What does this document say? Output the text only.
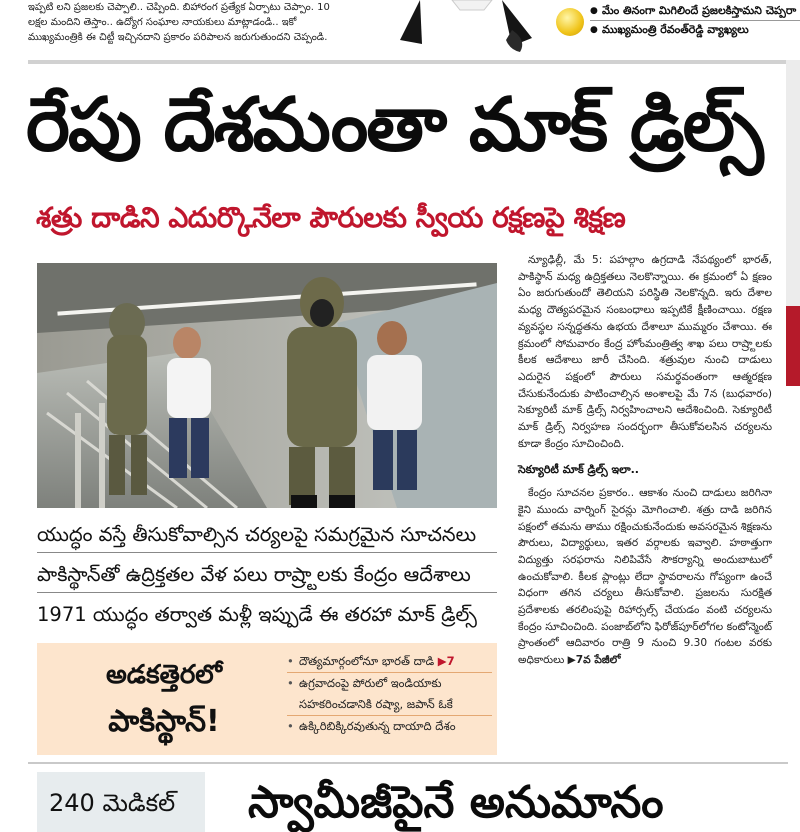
ఇప్పటి లని ప్రజలకు చెప్పాలి.. చెప్పింది. బిహారంగ ప్రత్యేక ఏర్పాటు చెప్పాం. 10
లక్షల మందిని తెస్తాం.. ఉద్యోగ సంఘాల నాయకులు మాట్లాడండి.. ఇకో
ముఖ్యమంత్రికి ఈ చిట్టీ ఇచ్చినదాని ప్రకారం పరిపాలన జరుగుతుందని చెప్పండి.
● మేం తినంగా మిగిలిందే ప్రజలకిస్తామని చెప్పరా
● ముఖ్యమంత్రి రేవంత్‌రెడ్డి వ్యాఖ్యలు
రేపు దేశమంతా మాక్ డ్రిల్స్
శత్రు దాడిని ఎదుర్కొనేలా పౌరులకు స్వీయ రక్షణపై శిక్షణ

న్యూఢిల్లీ, మే 5: పహల్గాం ఉగ్రదాడి నేపథ్యంలో భారత్, పాకిస్థాన్ మధ్య ఉద్రిక్తతలు నెలకొన్నాయి. ఈ క్రమంలో ఏ క్షణం ఏం జరుగుతుందో తెలియని పరిస్థితి నెలకొన్నది. ఇరు దేశాల మధ్య దౌత్యపరమైన సంబంధాలు ఇప్పటికే క్షీణించాయి. రక్షణ వ్యవస్థల సన్నద్ధతను ఉభయ దేశాలూ ముమ్మరం చేశాయి. ఈ క్రమంలో సోమవారం కేంద్ర హోంమంత్రిత్వ శాఖ పలు రాష్ర్టాలకు కీలక ఆదేశాలు జారీ చేసింది. శత్రువుల నుంచి దాడులు ఎదురైన పక్షంలో పౌరులు సమర్థవంతంగా ఆత్మరక్షణ చేసుకునేందుకు పాటించాల్సిన అంశాలపై మే 7న (బుధవారం) సెక్యూరిటీ మాక్ డ్రిల్స్ నిర్వహించాలని ఆదేశించింది. సెక్యూరిటీ మాక్ డ్రిల్స్ నిర్వహణ సందర్భంగా తీసుకోవలసిన చర్యలను కూడా కేంద్రం సూచించింది.

సెక్యూరిటీ మాక్ డ్రిల్స్ ఇలా..

కేంద్రం సూచనల ప్రకారం.. ఆకాశం నుంచి దాడులు జరిగినా కైని ముందు వార్నింగ్ సైరన్లు మోగించాలి. శత్రు దాడి జరిగిన పక్షంలో తమను తాము రక్షించుకునేందుకు అవసరమైన శిక్షణను పౌరులు, విద్యార్థులు, ఇతర వర్గాలకు ఇవ్వాలి. హఠాత్తుగా విద్యుత్తు సరఫరాను నిలిపివేసే సౌకర్యాన్ని అందుబాటులో ఉంచుకోవాలి. కీలక ప్లాంట్లు లేదా స్థావరాలను గోప్యంగా ఉంచే విధంగా తగిన చర్యలు తీసుకోవాలి. ప్రజలను సురక్షిత ప్రదేశాలకు తరలింపుపై రిహార్సల్స్ చేయడం వంటి చర్యలను కేంద్రం సూచించింది. పంజాబ్‌లోని ఫిరోజ్‌పూర్‌లోగల కంటోన్మెంట్ ప్రాంతంలో ఆదివారం రాత్రి 9 నుంచి 9.30 గంటల వరకు అధికారులు ▶7వ పేజీలో

యుద్ధం వస్తే తీసుకోవాల్సిన చర్యలపై సమగ్రమైన సూచనలు
పాకిస్థాన్‌తో ఉద్రిక్తతల వేళ పలు రాష్ర్టాలకు కేంద్రం ఆదేశాలు
1971 యుద్ధం తర్వాత మళ్లీ ఇప్పుడే ఈ తరహా మాక్ డ్రిల్స్
అడకత్తెరలో
పాకిస్థాన్!
• దౌత్యమార్గంలోనూ భారత్ దాడి ▶7
• ఉగ్రవాదంపై పోరులో ఇండియాకు సహకరించడానికి రష్యా, జపాన్ ఓకే
• ఉక్కిరిబిక్కిరవుతున్న దాయాది దేశం
240 మెడికల్	స్వామీజీపైనే అనుమానం
